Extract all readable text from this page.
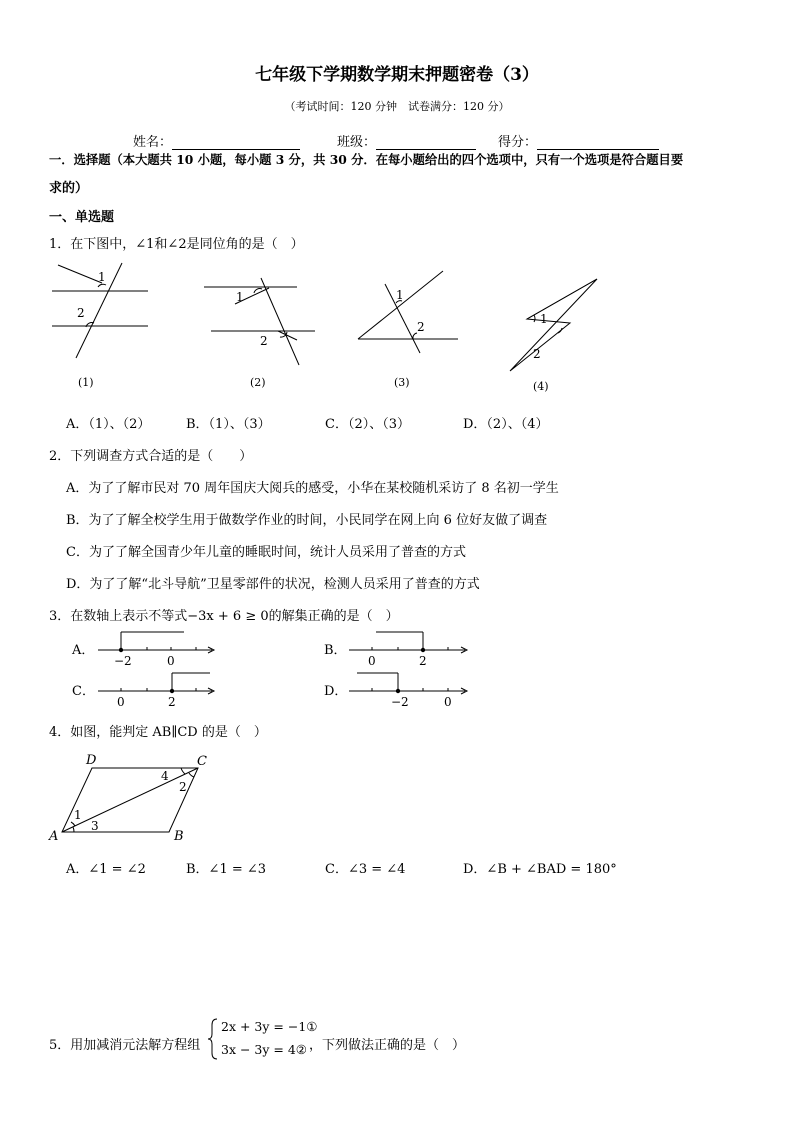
七年级下学期数学期末押题密卷（3）
（考试时间：120 分钟　试卷满分：120 分）
姓名：	班级：	得分：
一．选择题（本大题共 10 小题，每小题 3 分，共 30 分．在每小题给出的四个选项中，只有一个选项是符合题目要
求的）
一、单选题
1．在下图中，∠1和∠2是同位角的是（　）
1
2
1
2
1
2
1
2
(1)	(2)	(3)	(4)
A．（1）、（2）	B．（1）、（3）	C．（2）、（3）	D．（2）、（4）
2．下列调查方式合适的是（　　）
A．为了了解市民对 70 周年国庆大阅兵的感受，小华在某校随机采访了 8 名初一学生
B．为了了解全校学生用于做数学作业的时间，小民同学在网上向 6 位好友做了调查
C．为了了解全国青少年儿童的睡眠时间，统计人员采用了普查的方式
D．为了了解“北斗导航”卫星零部件的状况，检测人员采用了普查的方式
3．在数轴上表示不等式−3x + 6 ≥ 0的解集正确的是（　）
A．	B．
C．	D．
−2	0	0	2
0	2	−2	0
4．如图，能判定 AB∥CD 的是（　）
A	B
C
D
1
2
3
4
A．∠1 = ∠2	B．∠1 = ∠3	C．∠3 = ∠4	D．∠B + ∠BAD = 180°
5．用加减消元法解方程组
2x + 3y = −1①
3x − 3y = 4② ，下列做法正确的是（　）
